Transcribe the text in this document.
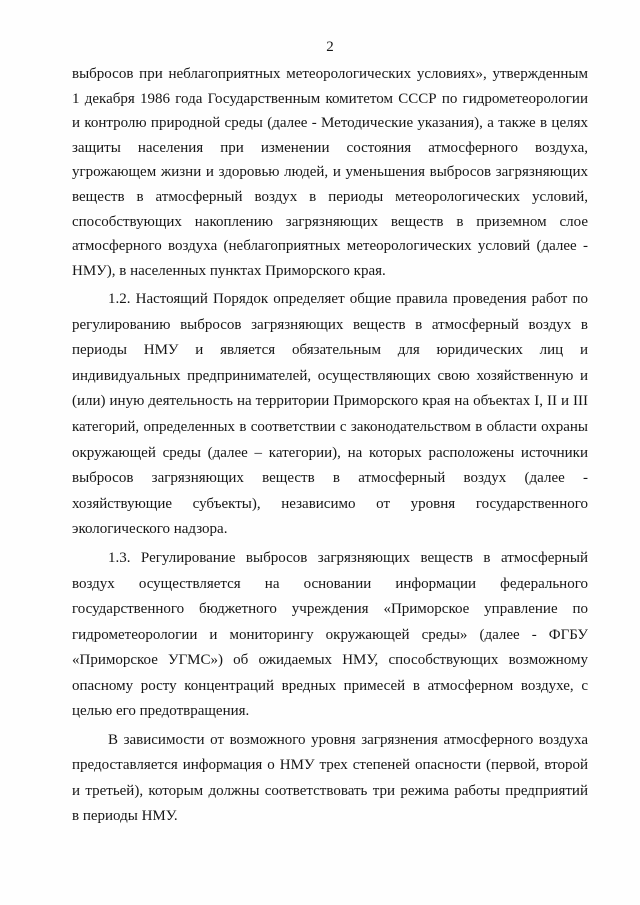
2
выбросов при неблагоприятных метеорологических условиях», утвержденным
1 декабря 1986 года Государственным комитетом СССР по гидрометеорологии
и контролю природной среды (далее - Методические указания), а также в целях
защиты населения при изменении состояния атмосферного воздуха,
угрожающем жизни и здоровью людей, и уменьшения выбросов загрязняющих
веществ в атмосферный воздух в периоды метеорологических условий,
способствующих накоплению загрязняющих веществ в приземном слое
атмосферного воздуха (неблагоприятных метеорологических условий (далее -
НМУ), в населенных пунктах Приморского края.
1.2. Настоящий Порядок определяет общие правила проведения работ по
регулированию выбросов загрязняющих веществ в атмосферный воздух в
периоды НМУ и является обязательным для юридических лиц и
индивидуальных предпринимателей, осуществляющих свою хозяйственную и
(или) иную деятельность на территории Приморского края на объектах I, II и III
категорий, определенных в соответствии с законодательством в области охраны
окружающей среды (далее – категории), на которых расположены источники
выбросов загрязняющих веществ в атмосферный воздух (далее -
хозяйствующие субъекты), независимо от уровня государственного
экологического надзора.
1.3. Регулирование выбросов загрязняющих веществ в атмосферный
воздух осуществляется на основании информации федерального
государственного бюджетного учреждения «Приморское управление по
гидрометеорологии и мониторингу окружающей среды» (далее - ФГБУ
«Приморское УГМС») об ожидаемых НМУ, способствующих возможному
опасному росту концентраций вредных примесей в атмосферном воздухе, с
целью его предотвращения.
В зависимости от возможного уровня загрязнения атмосферного воздуха
предоставляется информация о НМУ трех степеней опасности (первой, второй
и третьей), которым должны соответствовать три режима работы предприятий
в периоды НМУ.
